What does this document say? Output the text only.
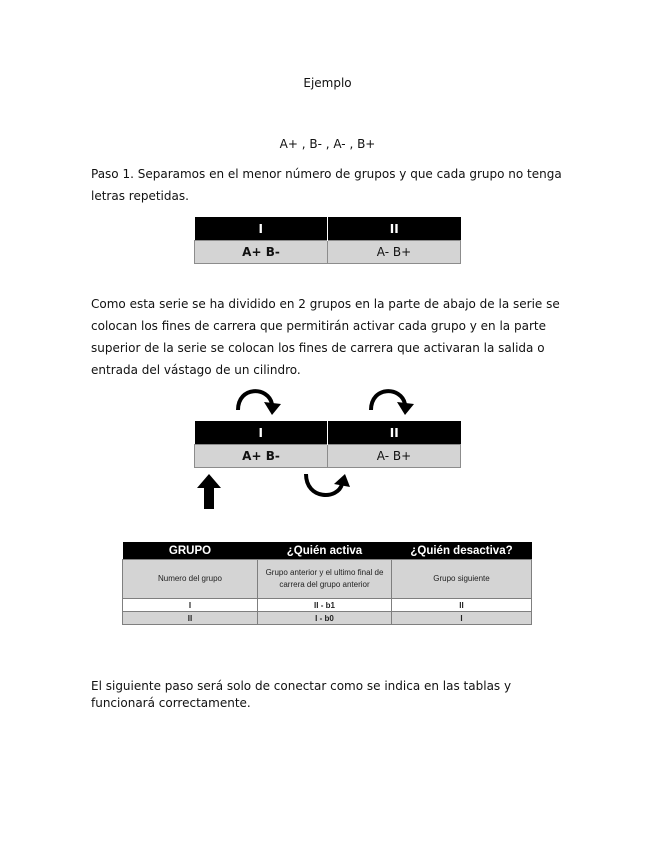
Ejemplo
A+ , B- , A- , B+
Paso 1. Separamos en el menor número de grupos y que cada grupo no tenga letras repetidas.
I	II
A+ B-	A- B+
Como esta serie se ha dividido en 2 grupos en la parte de abajo de la serie se colocan los fines de carrera que permitirán activar cada grupo y en la parte superior de la serie se colocan los fines de carrera que activaran la salida o entrada del vástago de un cilindro.
I	II
A+ B-	A- B+
GRUPO	¿Quién activa	¿Quién desactiva?
Numero del grupo	Grupo anterior y el ultimo final de carrera del grupo anterior	Grupo siguiente
I	II - b1	II
II	I - b0	I
El siguiente paso será solo de conectar como se indica en las tablas y funcionará correctamente.
